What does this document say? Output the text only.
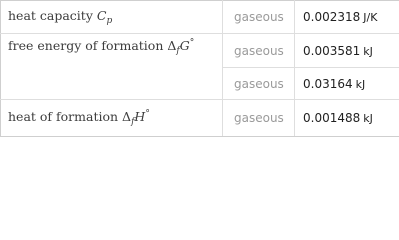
heat capacity $C_p$	gaseous	0.002318 J/K
free energy of formation $\Delta_fG^\circ$	gaseous	0.003581 kJ
	gaseous	0.03164 kJ
heat of formation $\Delta_fH^\circ$	gaseous	0.001488 kJ
